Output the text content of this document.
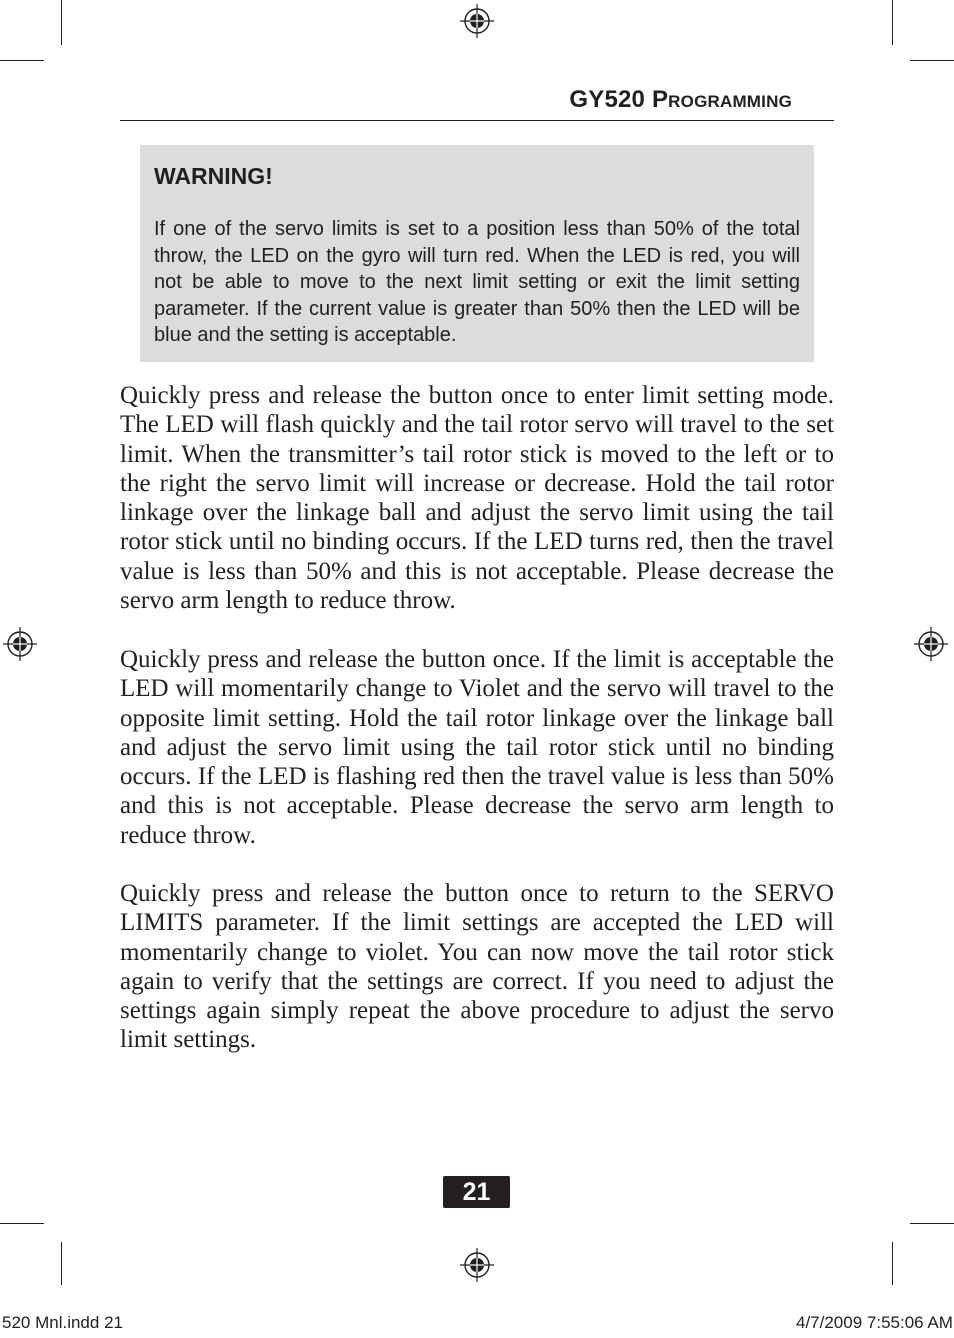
GY520 Programming

WARNING!

If one of the servo limits is set to a position less than 50% of the total throw, the LED on the gyro will turn red. When the LED is red, you will not be able to move to the next limit setting or exit the limit setting parameter. If the current value is greater than 50% then the LED will be blue and the setting is acceptable.

Quickly press and release the button once to enter limit setting mode. The LED will flash quickly and the tail rotor servo will travel to the set limit. When the transmitter’s tail rotor stick is moved to the left or to the right the servo limit will increase or decrease. Hold the tail rotor linkage over the linkage ball and adjust the servo limit using the tail rotor stick until no binding occurs. If the LED turns red, then the travel value is less than 50% and this is not acceptable. Please decrease the servo arm length to reduce throw.

Quickly press and release the button once. If the limit is acceptable the LED will momentarily change to Violet and the servo will travel to the opposite limit setting. Hold the tail rotor linkage over the linkage ball and adjust the servo limit using the tail rotor stick until no binding occurs. If the LED is flashing red then the travel value is less than 50% and this is not acceptable. Please decrease the servo arm length to reduce throw.

Quickly press and release the button once to return to the SERVO LIMITS parameter. If the limit settings are accepted the LED will momentarily change to violet. You can now move the tail rotor stick again to verify that the settings are correct. If you need to adjust the settings again simply repeat the above procedure to adjust the servo limit settings.

21
520 Mnl.indd 21	4/7/2009 7:55:06 AM
